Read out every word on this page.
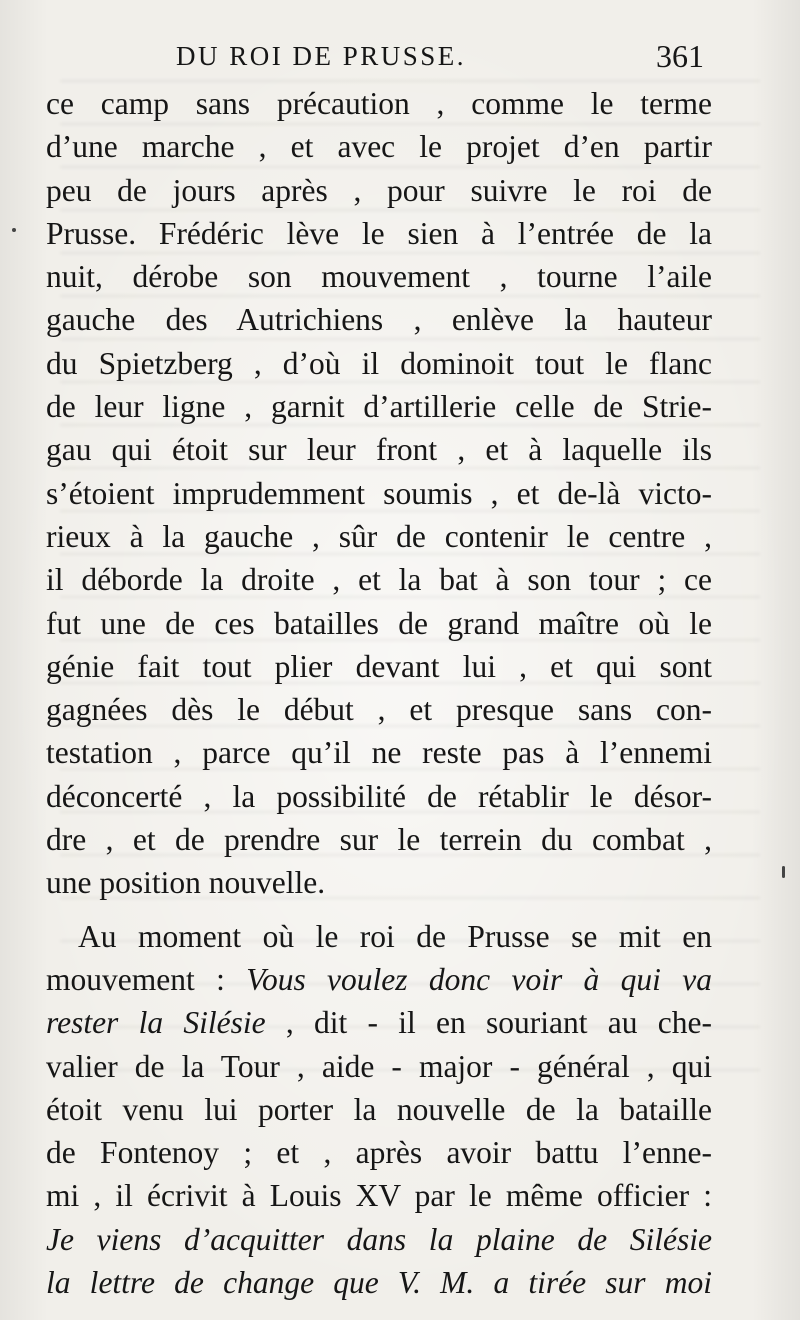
DU ROI DE PRUSSE.	361
ce camp sans précaution , comme le terme
d’une marche , et avec le projet d’en partir
peu de jours après , pour suivre le roi de
Prusse. Frédéric lève le sien à l’entrée de la
nuit, dérobe son mouvement , tourne l’aile
gauche des Autrichiens , enlève la hauteur
du Spietzberg , d’où il dominoit tout le flanc
de leur ligne , garnit d’artillerie celle de Strie-
gau qui étoit sur leur front , et à laquelle ils
s’étoient imprudemment soumis , et de-là victo-
rieux à la gauche , sûr de contenir le centre ,
il déborde la droite , et la bat à son tour ; ce
fut une de ces batailles de grand maître où le
génie fait tout plier devant lui , et qui sont
gagnées dès le début , et presque sans con-
testation , parce qu’il ne reste pas à l’ennemi
déconcerté , la possibilité de rétablir le désor-
dre , et de prendre sur le terrein du combat ,
une position nouvelle.
Au moment où le roi de Prusse se mit en
mouvement : Vous voulez donc voir à qui va
rester la Silésie , dit - il en souriant au che-
valier de la Tour , aide - major - général , qui
étoit venu lui porter la nouvelle de la bataille
de Fontenoy ; et , après avoir battu l’enne-
mi , il écrivit à Louis XV par le même officier :
Je viens d’acquitter dans la plaine de Silésie
la lettre de change que V. M. a tirée sur moi
